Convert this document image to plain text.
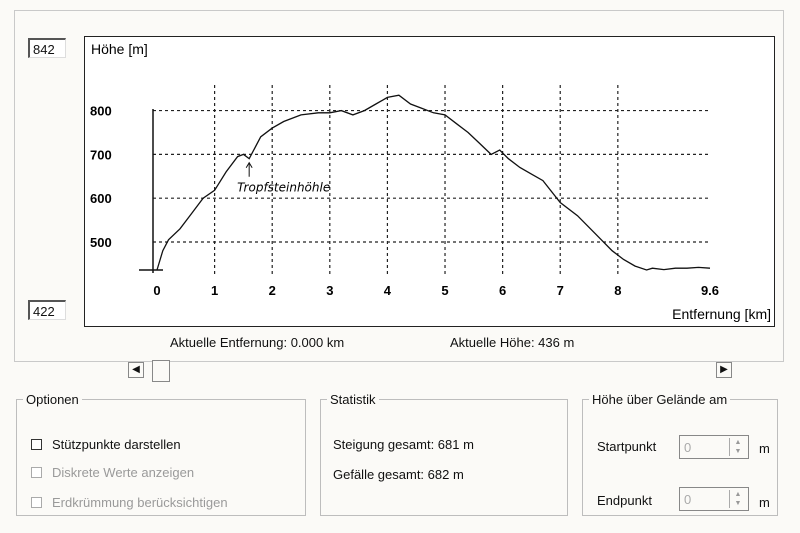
842
422
800
700
600
500
0	1	2	3	4	5	6	7	8	9.6
Höhe [m]
Entfernung [km]
Tropfsteinhöhle
Aktuelle Entfernung: 0.000 km	Aktuelle Höhe: 436 m
◀	▶
Optionen
Stützpunkte darstellen
Diskrete Werte anzeigen
Erdkrümmung berücksichtigen
Statistik
Steigung gesamt: 681 m
Gefälle gesamt: 682 m
Höhe über Gelände am
Startpunkt 0	▲
▼	m
Endpunkt 0	▲
▼	m
